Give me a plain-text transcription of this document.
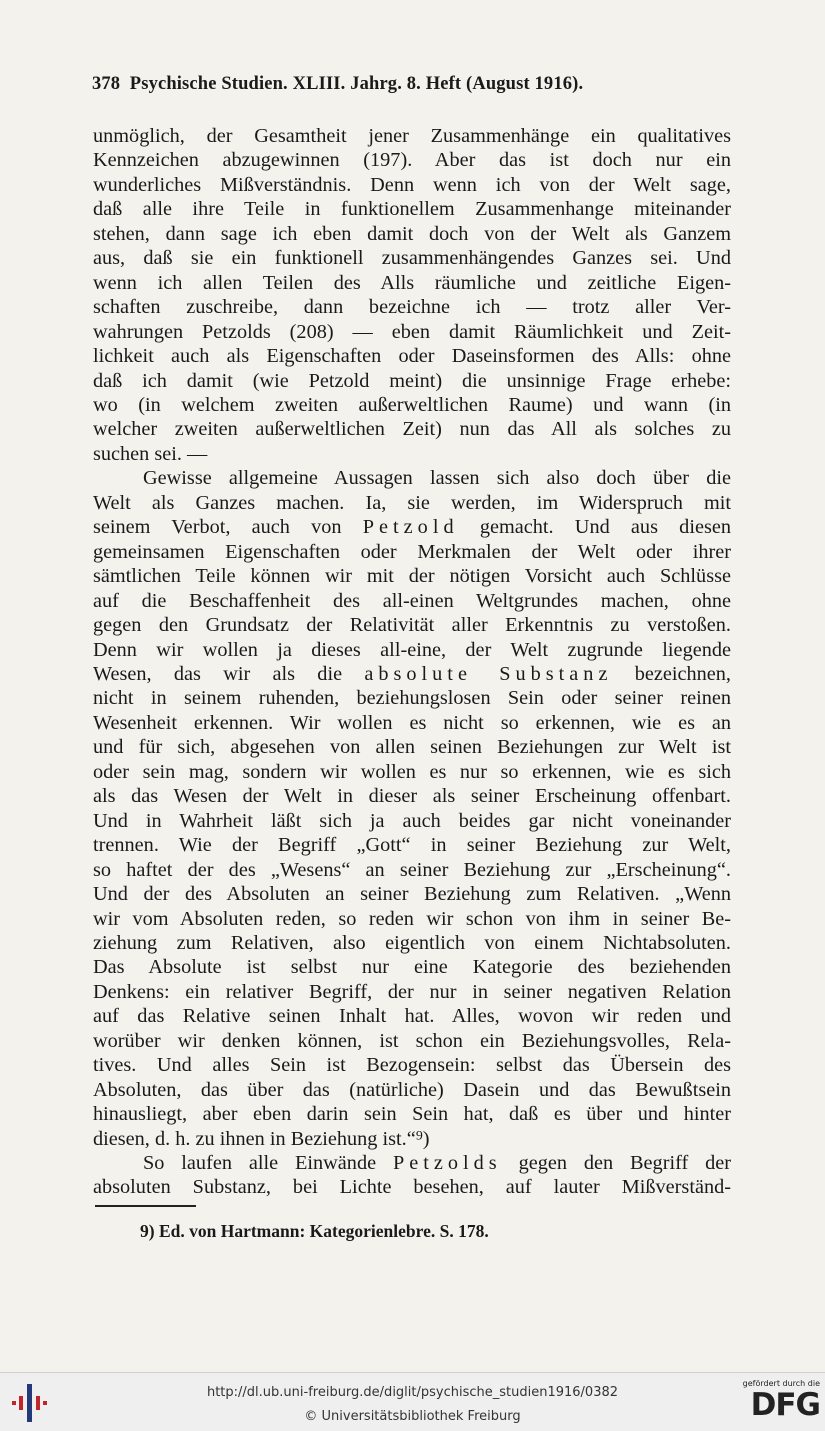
378 Psychische Studien. XLIII. Jahrg. 8. Heft (August 1916).
unmöglich, der Gesamtheit jener Zusammenhänge ein qualitatives
Kennzeichen abzugewinnen (197). Aber das ist doch nur ein
wunderliches Mißverständnis. Denn wenn ich von der Welt sage,
daß alle ihre Teile in funktionellem Zusammenhange miteinander
stehen, dann sage ich eben damit doch von der Welt als Ganzem
aus, daß sie ein funktionell zusammenhängendes Ganzes sei. Und
wenn ich allen Teilen des Alls räumliche und zeitliche Eigen-
schaften zuschreibe, dann bezeichne ich — trotz aller Ver-
wahrungen Petzolds (208) — eben damit Räumlichkeit und Zeit-
lichkeit auch als Eigenschaften oder Daseinsformen des Alls: ohne
daß ich damit (wie Petzold meint) die unsinnige Frage erhebe:
wo (in welchem zweiten außerweltlichen Raume) und wann (in
welcher zweiten außerweltlichen Zeit) nun das All als solches zu
suchen sei. —
Gewisse allgemeine Aussagen lassen sich also doch über die
Welt als Ganzes machen. Ia, sie werden, im Widerspruch mit
seinem Verbot, auch von Petzold gemacht. Und aus diesen
gemeinsamen Eigenschaften oder Merkmalen der Welt oder ihrer
sämtlichen Teile können wir mit der nötigen Vorsicht auch Schlüsse
auf die Beschaffenheit des all-einen Weltgrundes machen, ohne
gegen den Grundsatz der Relativität aller Erkenntnis zu verstoßen.
Denn wir wollen ja dieses all-eine, der Welt zugrunde liegende
Wesen, das wir als die absolute Substanz bezeichnen,
nicht in seinem ruhenden, beziehungslosen Sein oder seiner reinen
Wesenheit erkennen. Wir wollen es nicht so erkennen, wie es an
und für sich, abgesehen von allen seinen Beziehungen zur Welt ist
oder sein mag, sondern wir wollen es nur so erkennen, wie es sich
als das Wesen der Welt in dieser als seiner Erscheinung offenbart.
Und in Wahrheit läßt sich ja auch beides gar nicht voneinander
trennen. Wie der Begriff „Gott“ in seiner Beziehung zur Welt,
so haftet der des „Wesens“ an seiner Beziehung zur „Erscheinung“.
Und der des Absoluten an seiner Beziehung zum Relativen. „Wenn
wir vom Absoluten reden, so reden wir schon von ihm in seiner Be-
ziehung zum Relativen, also eigentlich von einem Nichtabsoluten.
Das Absolute ist selbst nur eine Kategorie des beziehenden
Denkens: ein relativer Begriff, der nur in seiner negativen Relation
auf das Relative seinen Inhalt hat. Alles, wovon wir reden und
worüber wir denken können, ist schon ein Beziehungsvolles, Rela-
tives. Und alles Sein ist Bezogensein: selbst das Übersein des
Absoluten, das über das (natürliche) Dasein und das Bewußtsein
hinausliegt, aber eben darin sein Sein hat, daß es über und hinter
diesen, d. h. zu ihnen in Beziehung ist.“⁹)
So laufen alle Einwände Petzolds gegen den Begriff der
absoluten Substanz, bei Lichte besehen, auf lauter Mißverständ-
9) Ed. von Hartmann: Kategorienlebre. S. 178.
http://dl.ub.uni-freiburg.de/diglit/psychische_studien1916/0382
© Universitätsbibliothek Freiburg
gefördert durch die
DFG
